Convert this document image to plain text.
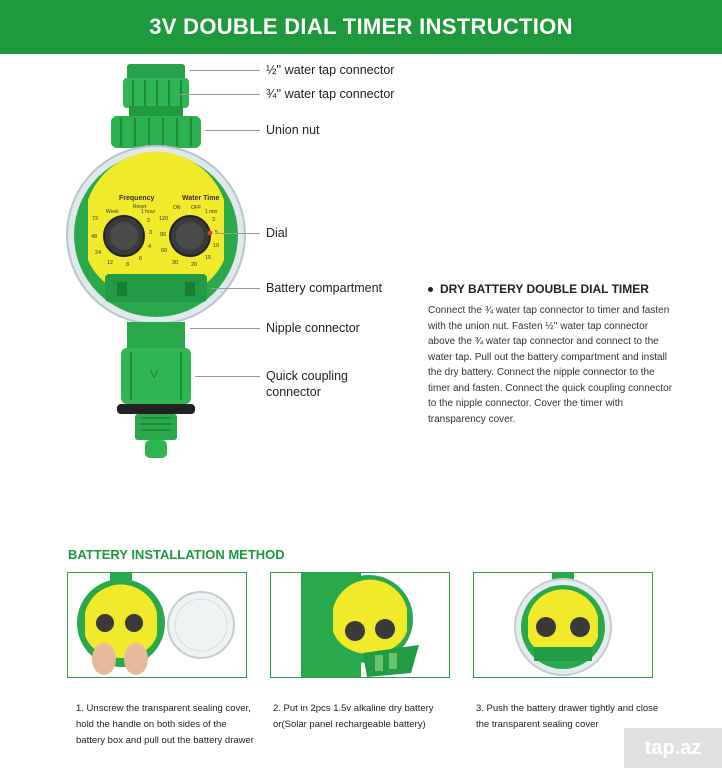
3V DOUBLE DIAL TIMER INSTRUCTION
Frequency	Water Time
Reset
Week	1 hour
ON OFF
1 min
72
48
24
12 8
6
4
3
2 120
90
60
30 20
15
10
3
V
½'' water tap connector
¾'' water tap connector
Union nut
Dial
Battery compartment
Nipple connector
Quick coupling
connector
DRY BATTERY DOUBLE DIAL TIMER
Connect the ¾ water tap connector to timer and fasten with the union nut. Fasten ½'' water tap connector above the ¾ water tap connector and connect to the water tap. Pull out the battery compartment and install the dry battery. Connect the nipple connector to the timer and fasten. Connect the quick coupling connector to the nipple connector. Cover the timer with transparency cover.
BATTERY INSTALLATION METHOD
1. Unscrew the transparent sealing cover, hold the handle on both sides of the battery box and pull out the battery drawer
2. Put in 2pcs 1.5v alkaline dry battery or(Solar panel rechargeable battery)
3. Push the battery drawer tightly and close the transparent sealing cover
tap.az
